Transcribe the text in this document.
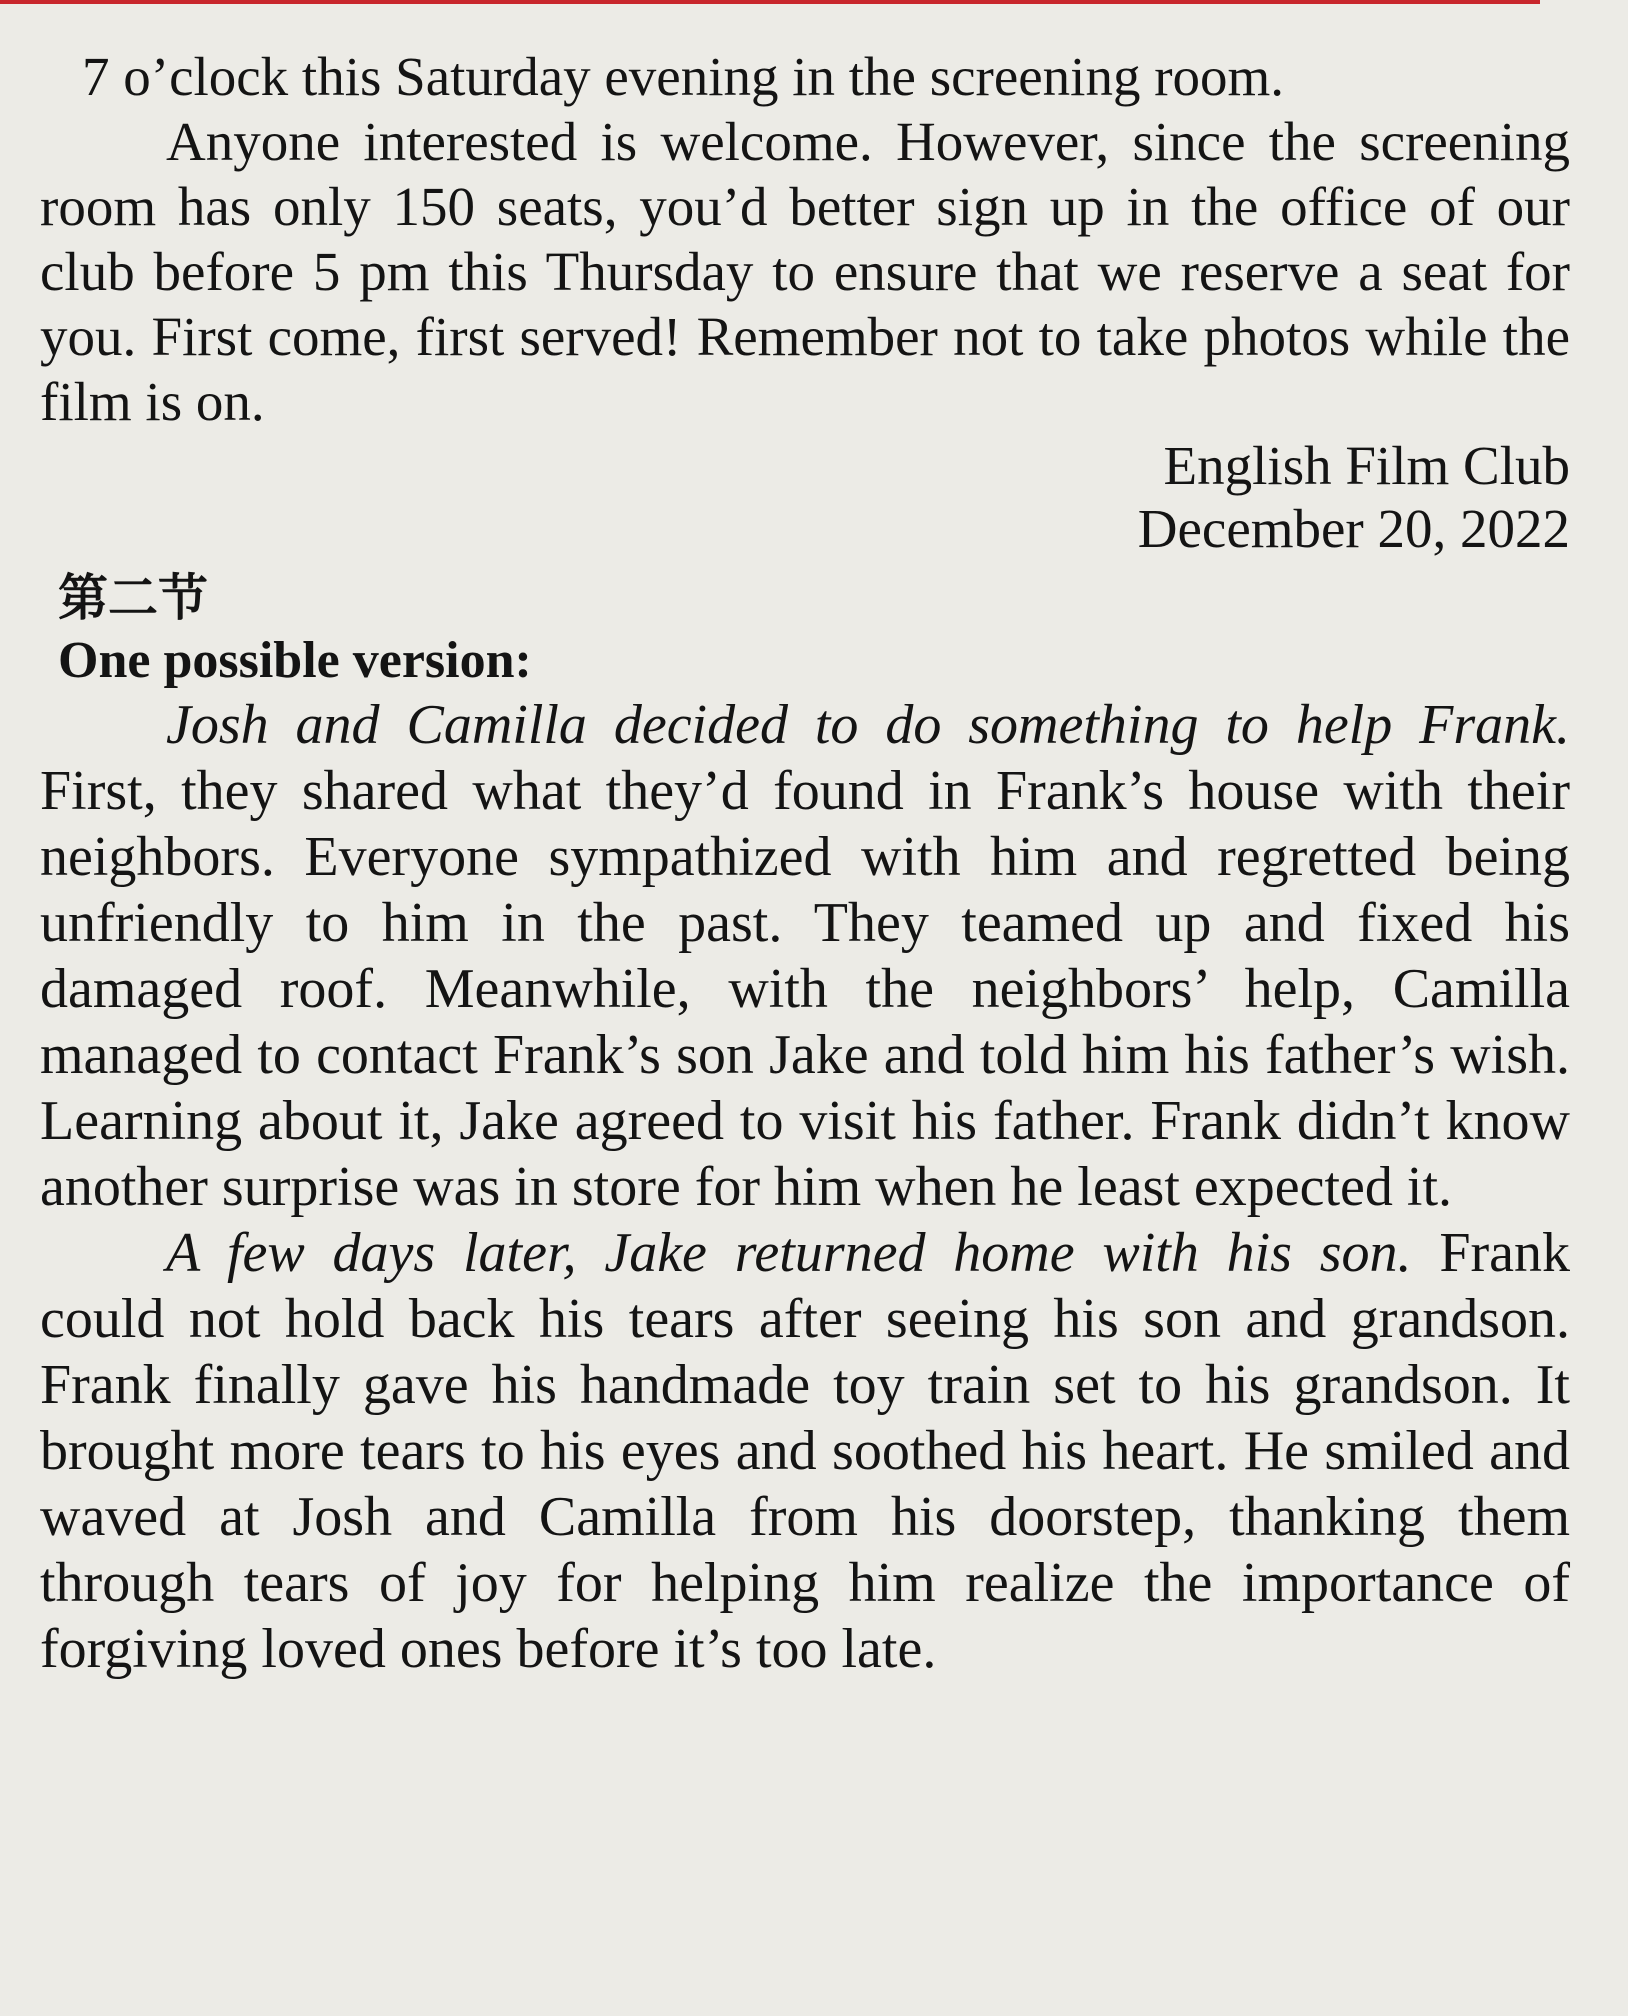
7 o’clock this Saturday evening in the screening room.

Anyone interested is welcome. However, since the screening room has only 150 seats, you’d better sign up in the office of our club before 5 pm this Thursday to ensure that we reserve a seat for you. First come, first served! Remember not to take photos while the film is on.

English Film Club

December 20, 2022

第二节

One possible version:

Josh and Camilla decided to do something to help Frank. First, they shared what they’d found in Frank’s house with their neighbors. Everyone sympathized with him and regretted being unfriendly to him in the past. They teamed up and fixed his damaged roof. Meanwhile, with the neighbors’ help, Camilla managed to contact Frank’s son Jake and told him his father’s wish. Learning about it, Jake agreed to visit his father. Frank didn’t know another surprise was in store for him when he least expected it.

A few days later, Jake returned home with his son. Frank could not hold back his tears after seeing his son and grandson. Frank finally gave his handmade toy train set to his grandson. It brought more tears to his eyes and soothed his heart. He smiled and waved at Josh and Camilla from his doorstep, thanking them through tears of joy for helping him realize the importance of forgiving loved ones before it’s too late.
